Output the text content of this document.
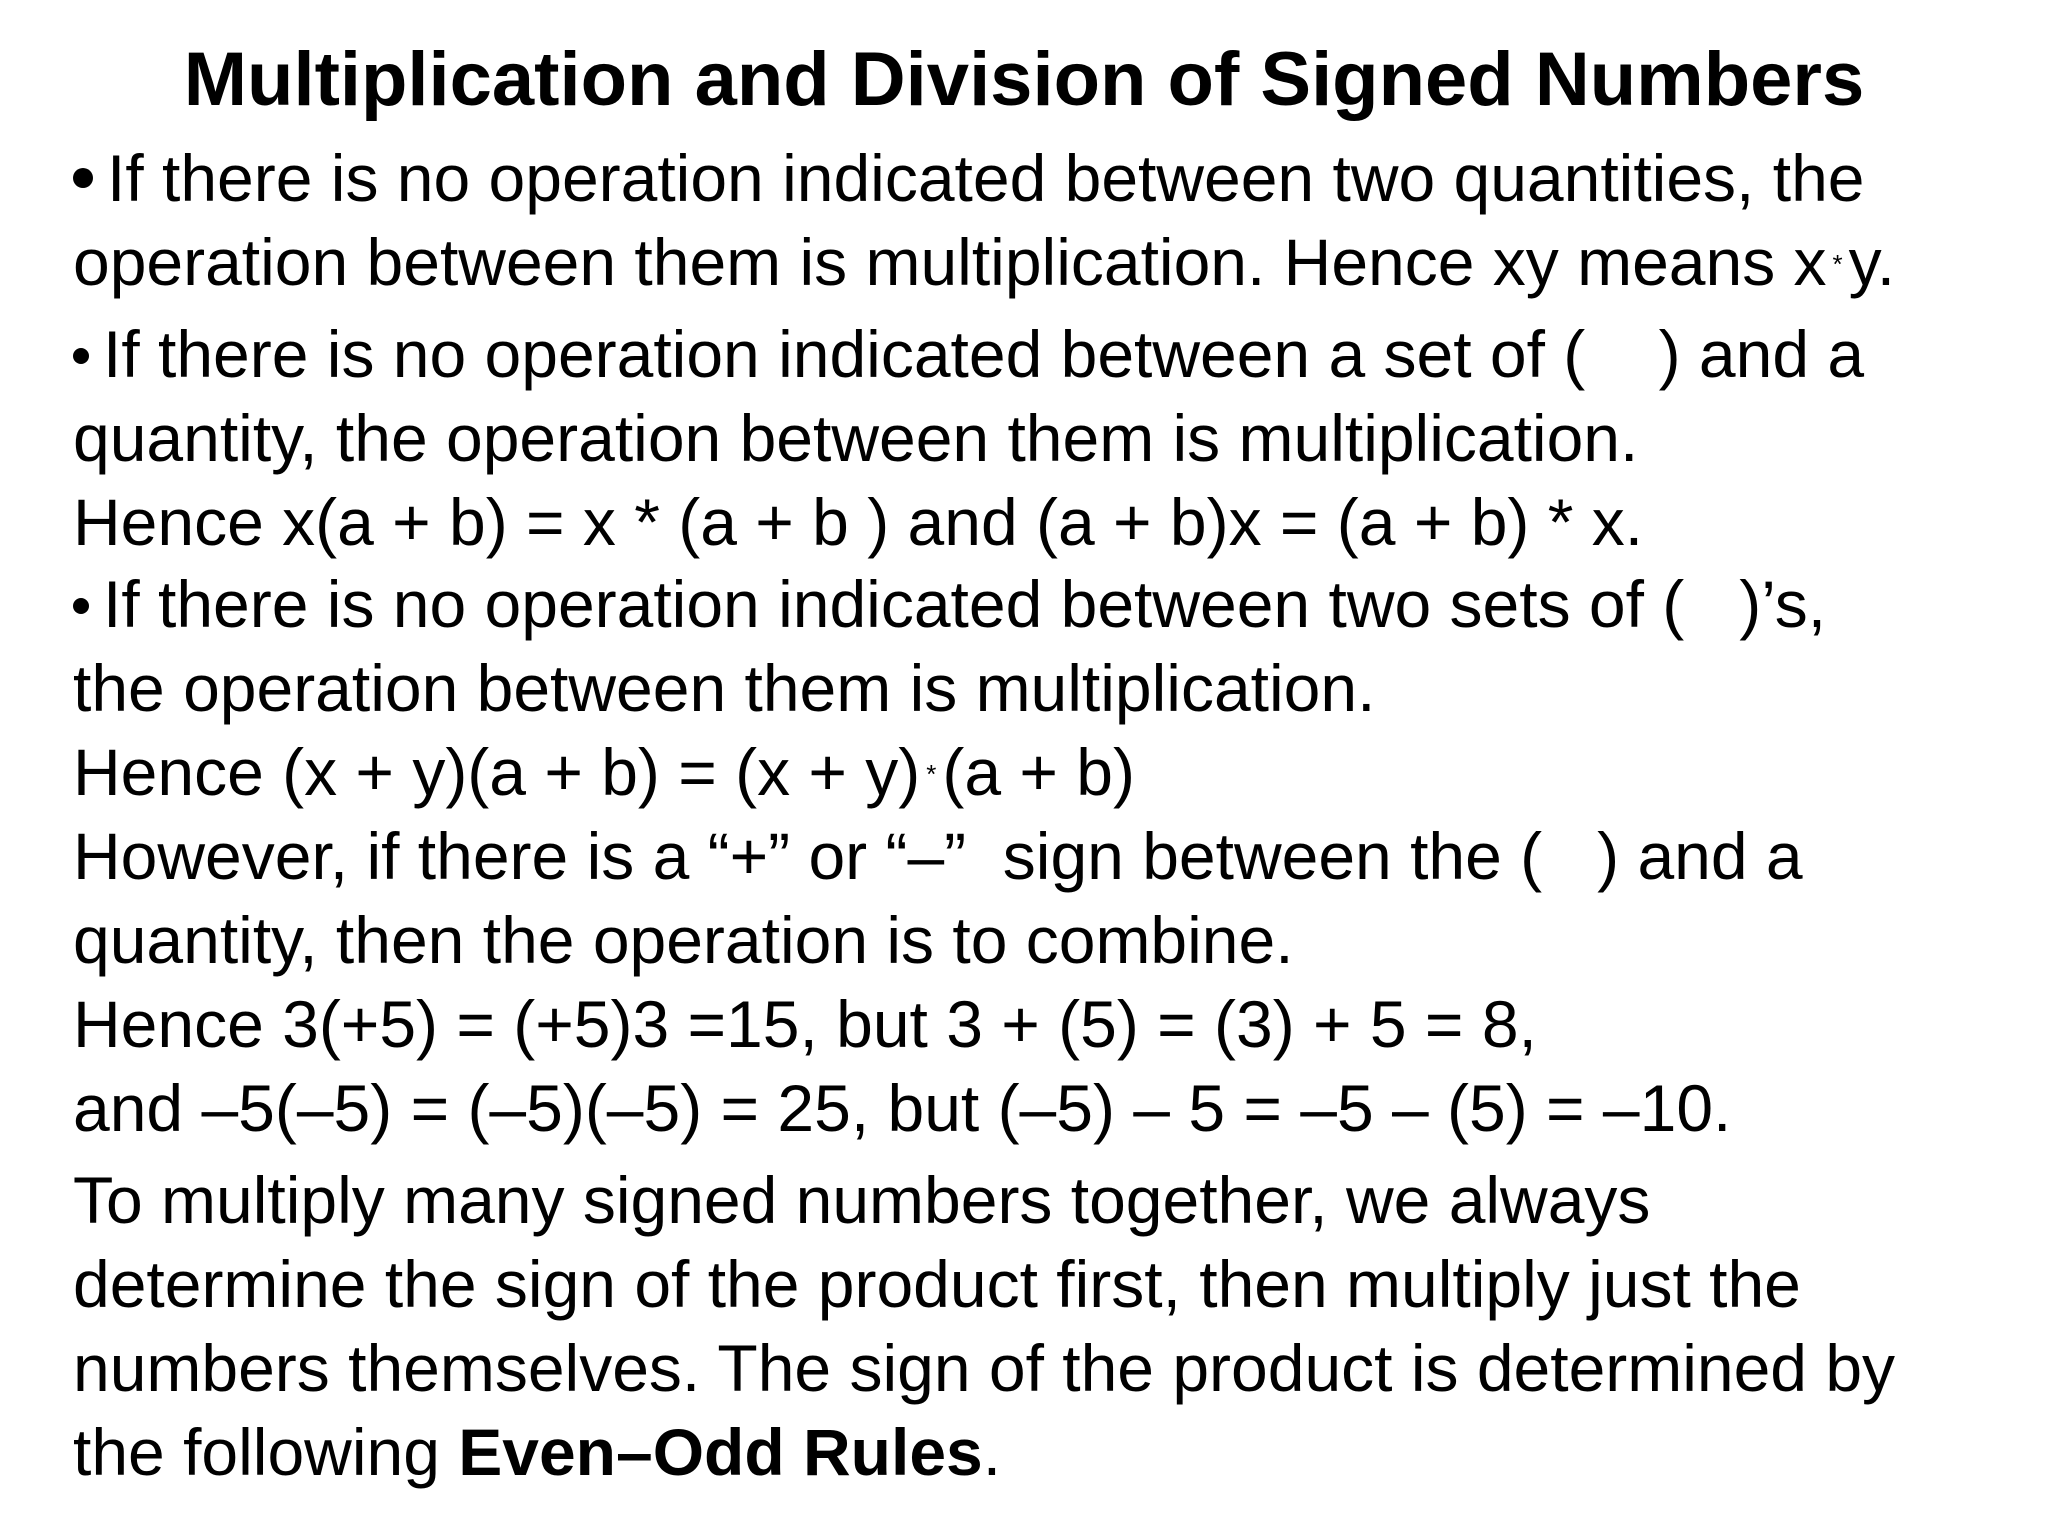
Multiplication and Division of Signed Numbers
If there is no operation indicated between two quantities, the
operation between them is multiplication. Hence xy means x *y.
If there is no operation indicated between a set of (    ) and a
quantity, the operation between them is multiplication.
Hence x(a + b) = x * (a + b ) and (a + b)x = (a + b) * x.
If there is no operation indicated between two sets of (   )’s,
the operation between them is multiplication.
Hence (x + y)(a + b) = (x + y) *(a + b)
However, if there is a “+” or “–”  sign between the (   ) and a
quantity, then the operation is to combine.
Hence 3(+5) = (+5)3 =15, but 3 + (5) = (3) + 5 = 8,
and –5(–5) = (–5)(–5) = 25, but (–5) – 5 = –5 – (5) = –10.
To multiply many signed numbers together, we always
determine the sign of the product first, then multiply just the
numbers themselves. The sign of the product is determined by
the following Even–Odd Rules.
